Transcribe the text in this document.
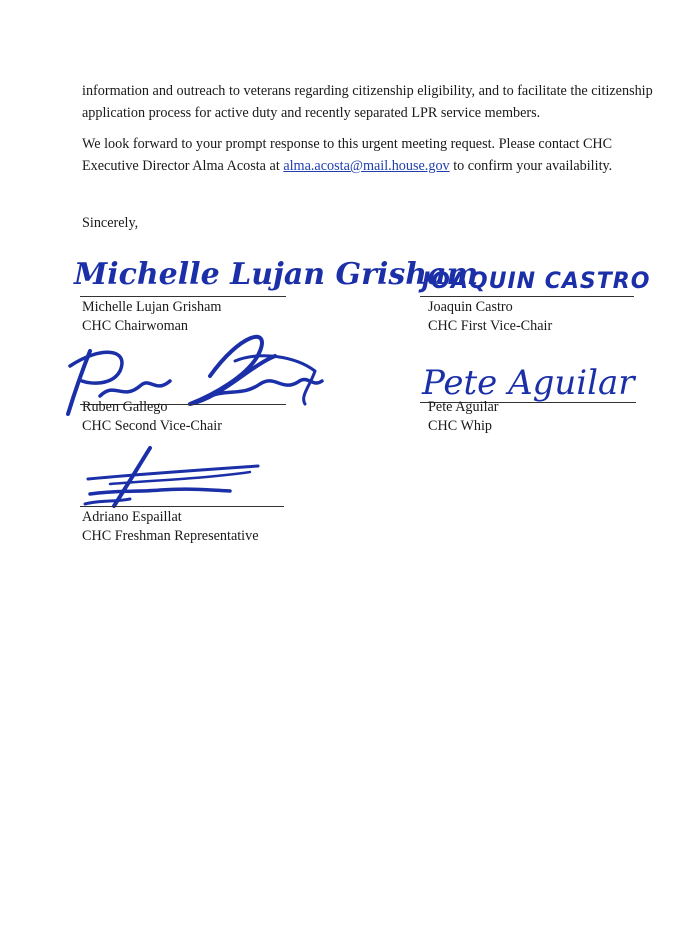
information and outreach to veterans regarding citizenship eligibility, and to facilitate the citizenship application process for active duty and recently separated LPR service members.

We look forward to your prompt response to this urgent meeting request. Please contact CHC Executive Director Alma Acosta at alma.acosta@mail.house.gov to confirm your availability.

Sincerely,
Michelle Lujan Grisham
Michelle Lujan Grisham
CHC Chairwoman
JOAQUIN CASTRO
Joaquin Castro
CHC First Vice-Chair
Ruben Gallego
CHC Second Vice-Chair
Pete Aguilar
Pete Aguilar
CHC Whip
Adriano Espaillat
CHC Freshman Representative
